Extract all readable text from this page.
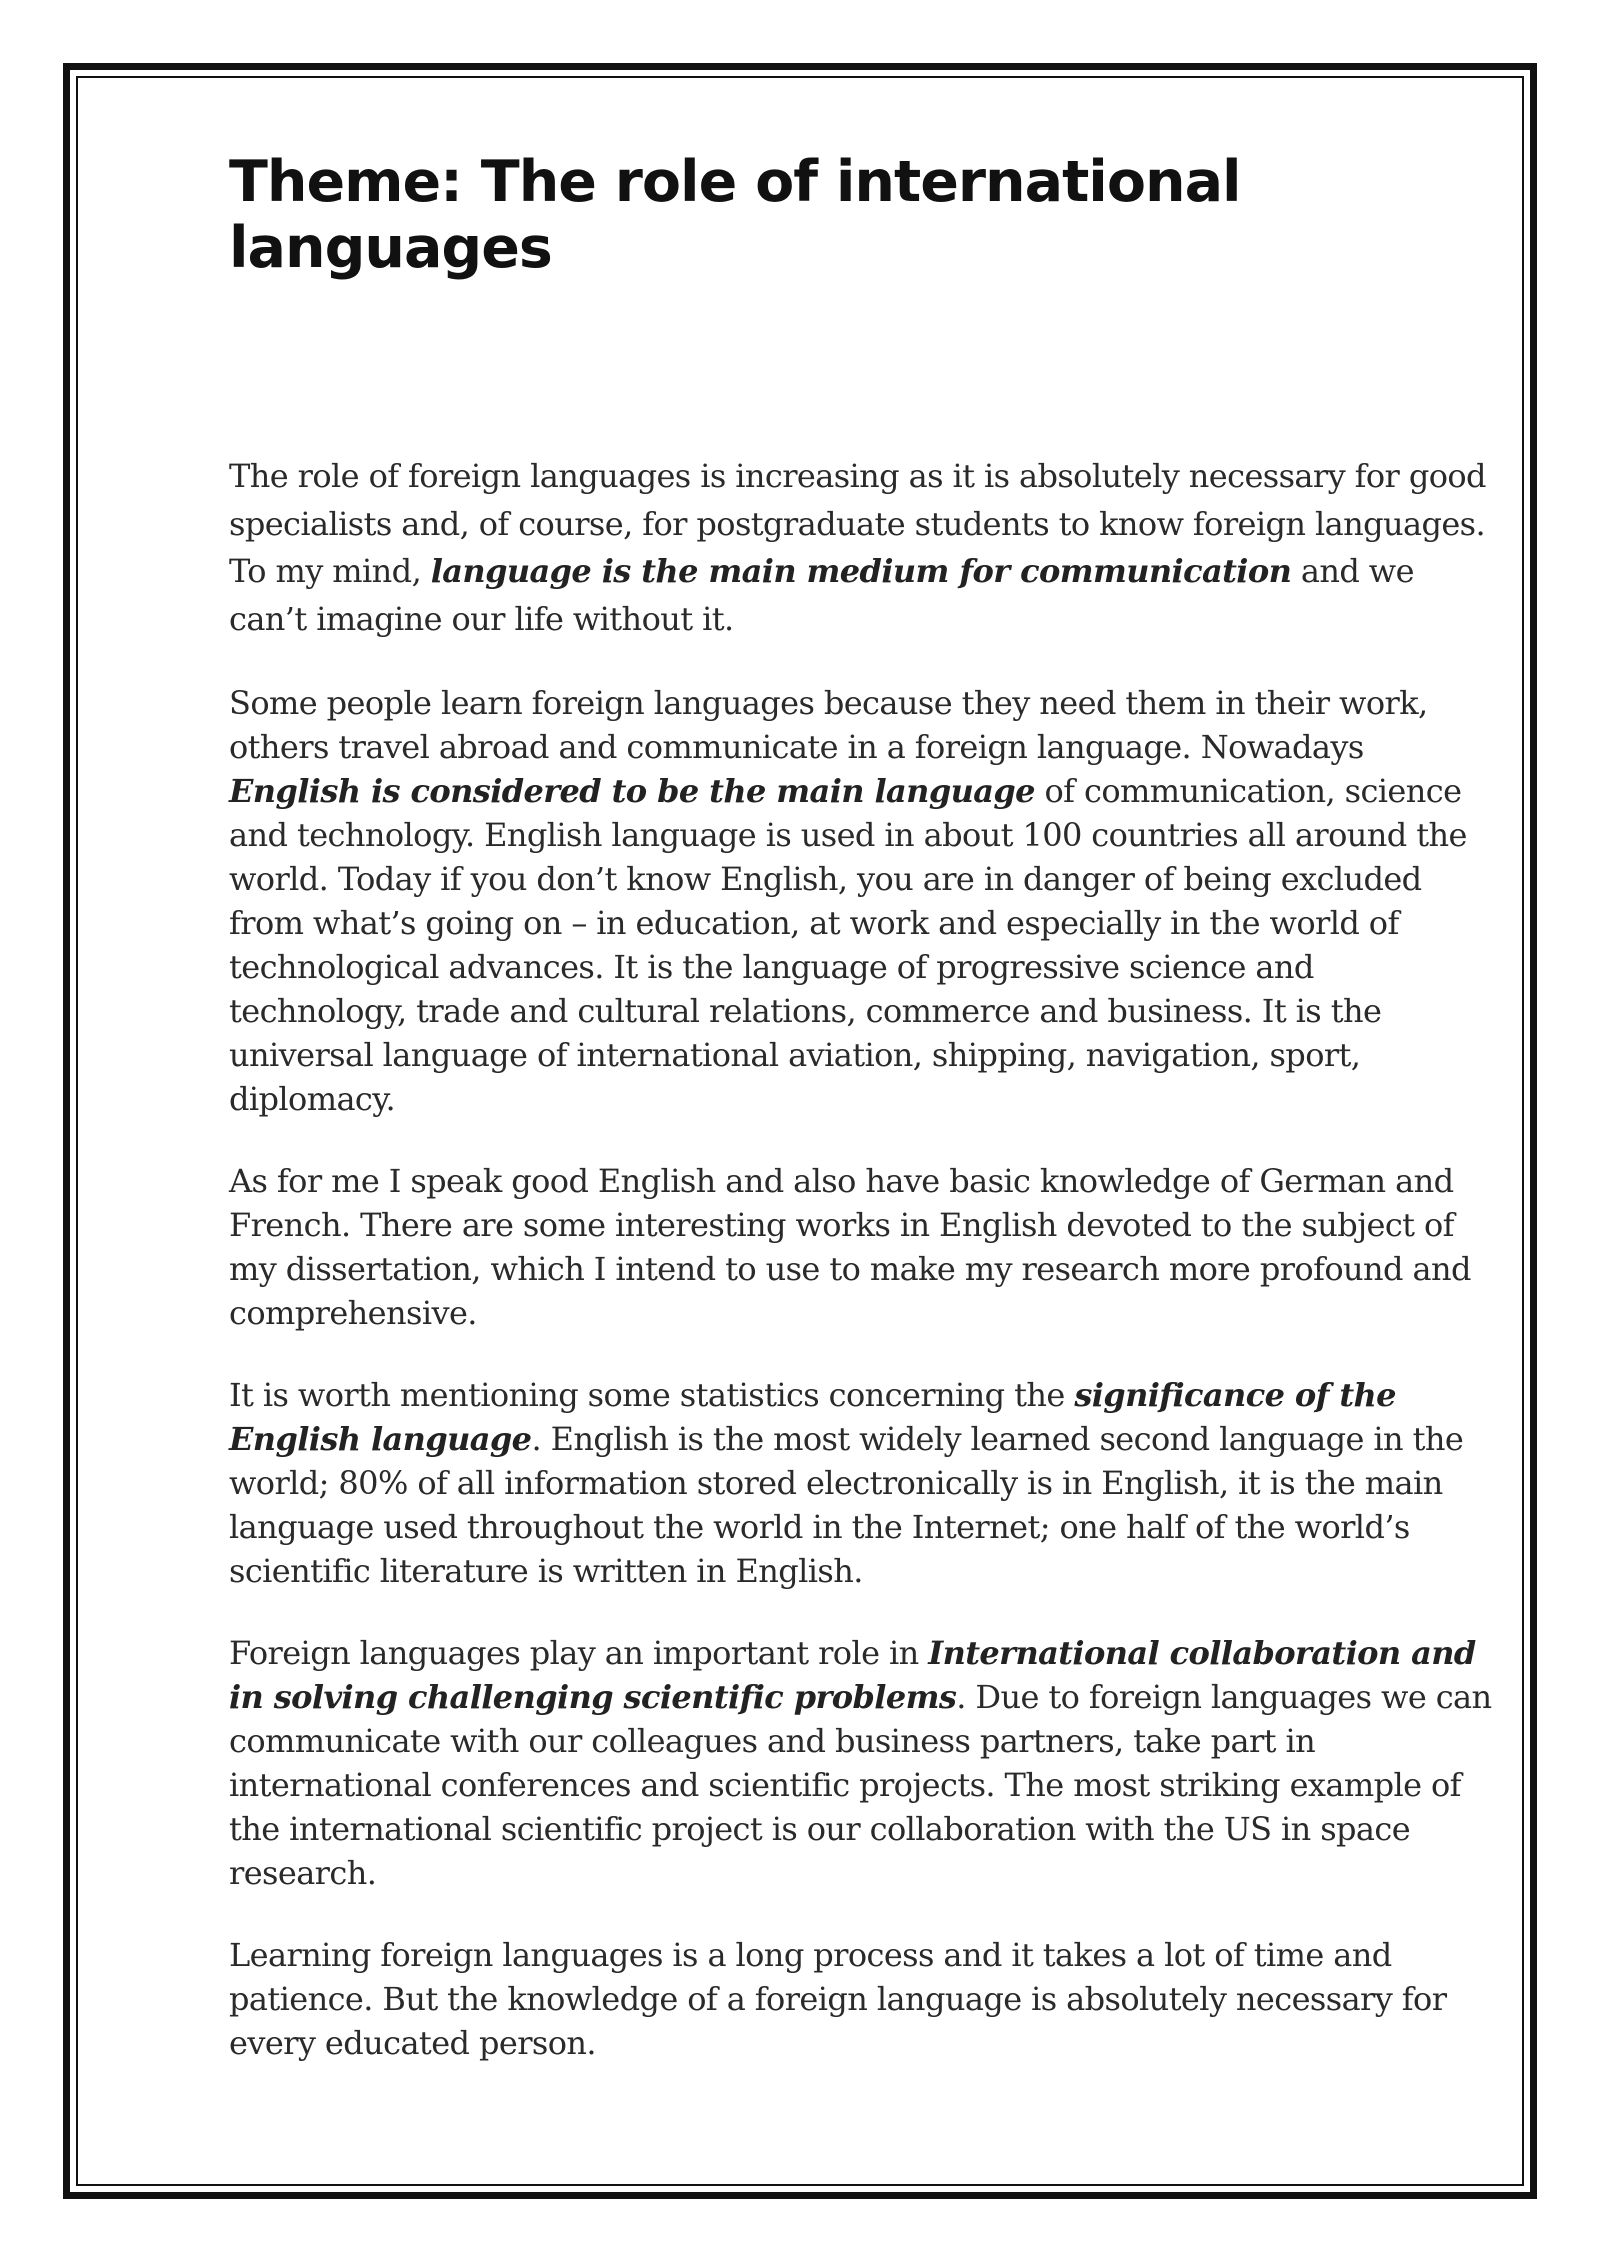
Theme: The role of international languages

The role of foreign languages is increasing as it is absolutely necessary for good specialists and, of course, for postgraduate students to know foreign languages. To my mind, language is the main medium for communication and we can’t imagine our life without it.

Some people learn foreign languages because they need them in their work, others travel abroad and communicate in a foreign language. Nowadays English is considered to be the main language of communication, science and technology. English language is used in about 100 countries all around the world. Today if you don’t know English, you are in danger of being excluded from what’s going on – in education, at work and especially in the world of technological advances. It is the language of progressive science and technology, trade and cultural relations, commerce and business. It is the universal language of international aviation, shipping, navigation, sport, diplomacy.

As for me I speak good English and also have basic knowledge of German and French. There are some interesting works in English devoted to the subject of my dissertation, which I intend to use to make my research more profound and comprehensive.

It is worth mentioning some statistics concerning the significance of the English language. English is the most widely learned second language in the world; 80% of all information stored electronically is in English, it is the main language used throughout the world in the Internet; one half of the world’s scientific literature is written in English.

Foreign languages play an important role in International collaboration and in solving challenging scientific problems. Due to foreign languages we can communicate with our colleagues and business partners, take part in international conferences and scientific projects. The most striking example of the international scientific project is our collaboration with the US in space research.

Learning foreign languages is a long process and it takes a lot of time and patience. But the knowledge of a foreign language is absolutely necessary for every educated person.
